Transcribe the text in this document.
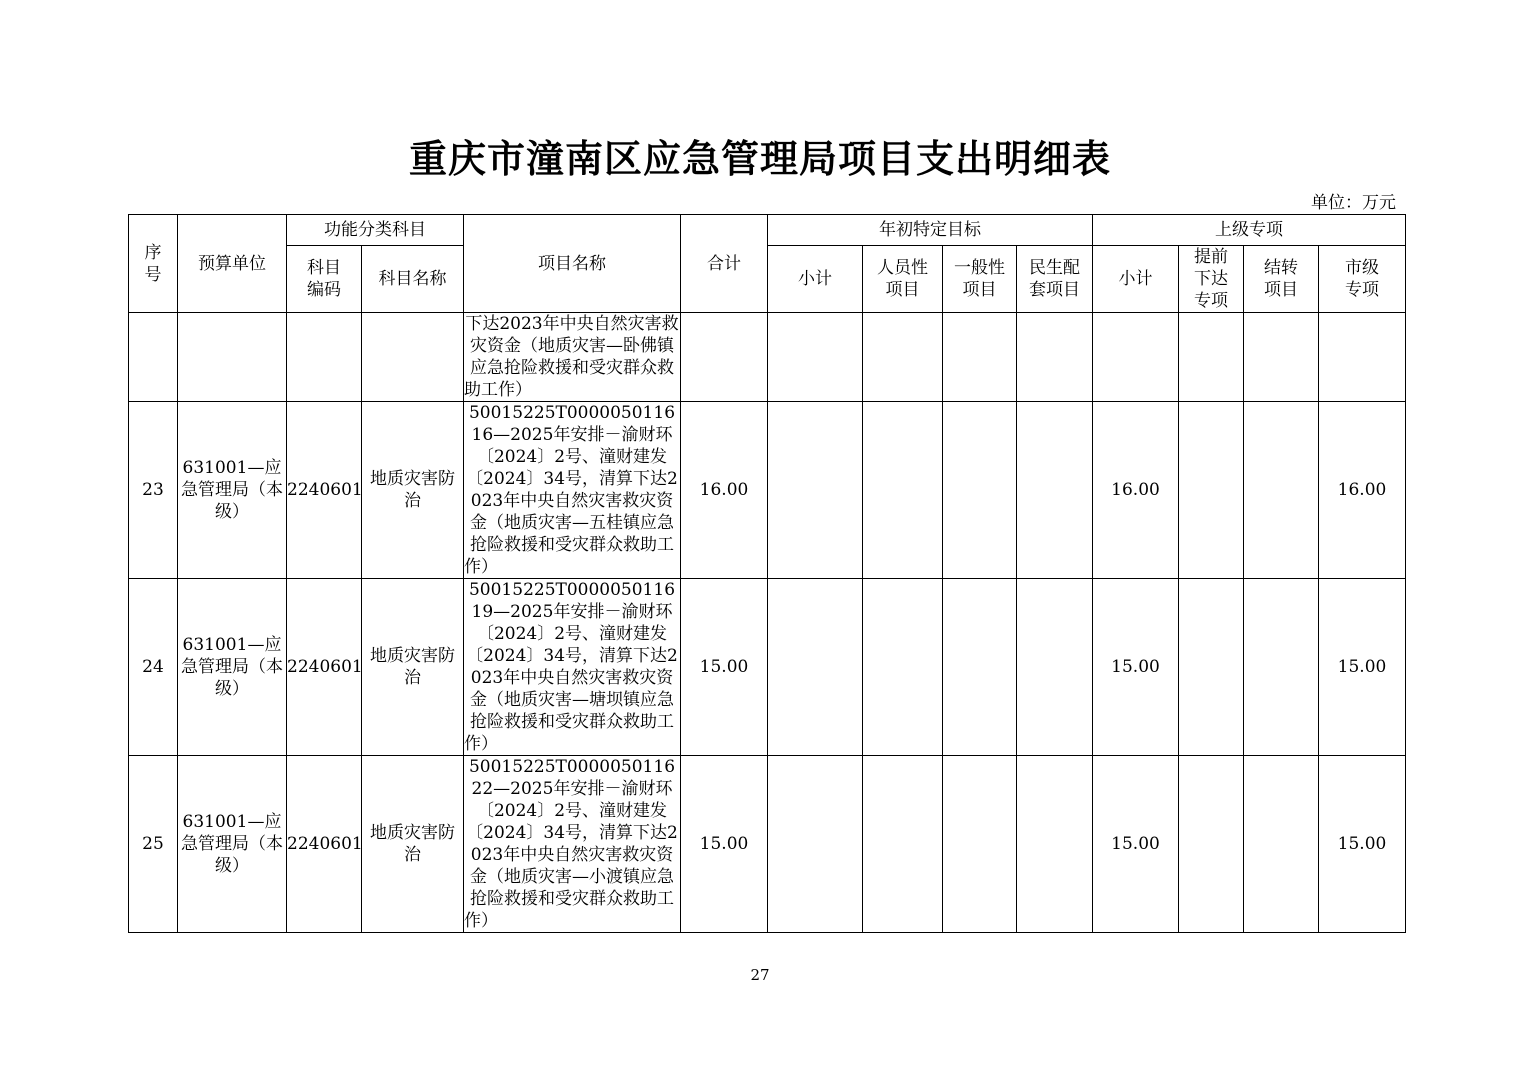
重庆市潼南区应急管理局项目支出明细表
单位：万元
序号	预算单位	功能分类科目		项目名称	合计	年初特定目标				上级专项			
		科目编码	科目名称			小计	人员性项目	一般性项目	民生配套项目	小计	提前下达专项	结转项目	市级专项
				下达2023年中央自然灾害救灾资金（地质灾害—卧佛镇应急抢险救援和受灾群众救助工作）									
23	631001—应急管理局（本级）	2240601	地质灾害防治	50015225T000005011616—2025年安排－渝财环〔2024〕2号、潼财建发〔2024〕34号，清算下达2023年中央自然灾害救灾资金（地质灾害—五桂镇应急抢险救援和受灾群众救助工作）	16.00					16.00			16.00
24	631001—应急管理局（本级）	2240601	地质灾害防治	50015225T000005011619—2025年安排－渝财环〔2024〕2号、潼财建发〔2024〕34号，清算下达2023年中央自然灾害救灾资金（地质灾害—塘坝镇应急抢险救援和受灾群众救助工作）	15.00					15.00			15.00
25	631001—应急管理局（本级）	2240601	地质灾害防治	50015225T000005011622—2025年安排－渝财环〔2024〕2号、潼财建发〔2024〕34号，清算下达2023年中央自然灾害救灾资金（地质灾害—小渡镇应急抢险救援和受灾群众救助工作）	15.00					15.00			15.00
27
